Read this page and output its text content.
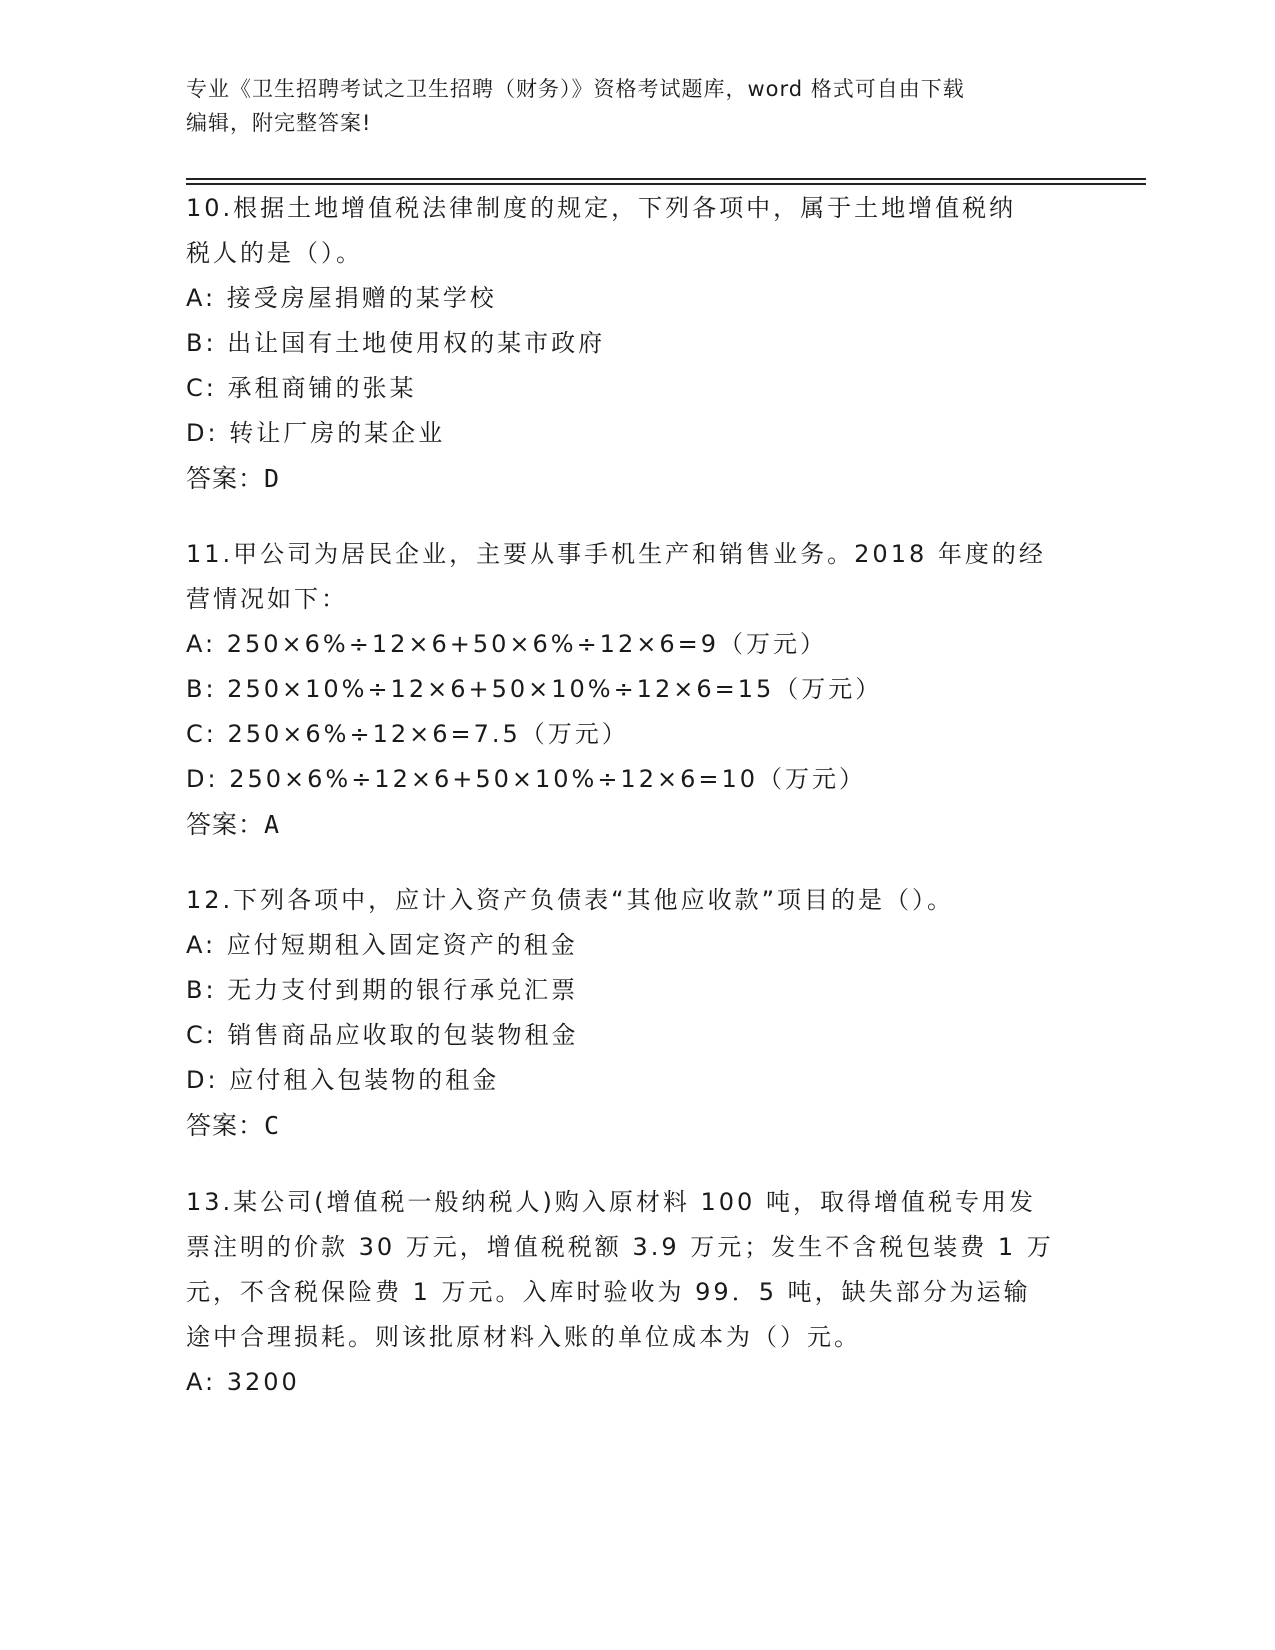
专业《卫生招聘考试之卫生招聘（财务）》资格考试题库，word 格式可自由下载
编辑，附完整答案!
10.根据土地增值税法律制度的规定，下列各项中，属于土地增值税纳
税人的是（）。
A: 接受房屋捐赠的某学校
B: 出让国有土地使用权的某市政府
C: 承租商铺的张某
D: 转让厂房的某企业
答案：D
11.甲公司为居民企业，主要从事手机生产和销售业务。2018 年度的经
营情况如下：
A: 250×6%÷12×6+50×6%÷12×6=9（万元）
B: 250×10%÷12×6+50×10%÷12×6=15（万元）
C: 250×6%÷12×6=7.5（万元）
D: 250×6%÷12×6+50×10%÷12×6=10（万元）
答案：A
12.下列各项中，应计入资产负债表“其他应收款”项目的是（）。
A: 应付短期租入固定资产的租金
B: 无力支付到期的银行承兑汇票
C: 销售商品应收取的包装物租金
D: 应付租入包装物的租金
答案：C
13.某公司(增值税一般纳税人)购入原材料 100 吨，取得增值税专用发
票注明的价款 30 万元，增值税税额 3.9 万元；发生不含税包装费 1 万
元，不含税保险费 1 万元。入库时验收为 99．5 吨，缺失部分为运输
途中合理损耗。则该批原材料入账的单位成本为（）元。
A: 3200
